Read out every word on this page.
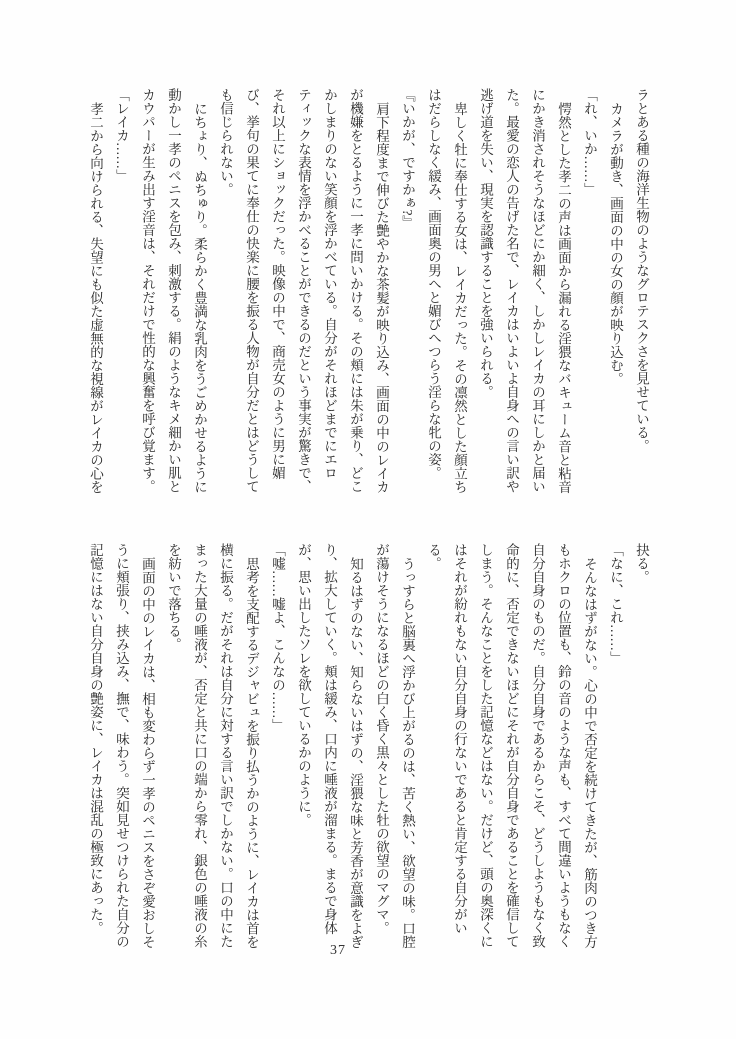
ラとある種の海洋生物のようなグロテスクさを見せている。

カメラが動き、画面の中の女の顔が映り込む。

「れ、いか……」

愕然とした孝二の声は画面から漏れる淫猥なバキューム音と粘音にかき消されそうなほどにか細く、しかしレイカの耳にしかと届いた。最愛の恋人の告げた名で、レイカはいよいよ自身への言い訳や逃げ道を失い、現実を認識することを強いられる。

卑しく牡に奉仕する女は、レイカだった。その凛然とした顔立ちはだらしなく緩み、画面奥の男へと媚びへつらう淫らな牝の姿。

『いかが、ですかぁ?』

肩下程度まで伸びた艶やかな茶髪が映り込み、画面の中のレイカが機嫌をとるように一孝に問いかける。その頬には朱が乗り、どこかしまりのない笑顔を浮かべている。自分がそれほどまでにエロティックな表情を浮かべることができるのだという事実が驚きで、それ以上にショックだった。映像の中で、商売女のように男に媚び、挙句の果てに奉仕の快楽に腰を振る人物が自分だとはどうしても信じられない。

にちょり、ぬちゅり。柔らかく豊満な乳肉をうごめかせるように動かし一孝のペニスを包み、刺激する。絹のようなキメ細かい肌とカウパーが生み出す淫音は、それだけで性的な興奮を呼び覚ます。

「レイカ……」

孝二から向けられる、失望にも似た虚無的な視線がレイカの心を

抉る。

「なに、これ……」

そんなはずがない。心の中で否定を続けてきたが、筋肉のつき方もホクロの位置も、鈴の音のような声も、すべて間違いようもなく自分自身のものだ。自分自身であるからこそ、どうしようもなく致命的に、否定できないほどにそれが自分自身であることを確信してしまう。そんなことをした記憶などはない。だけど、頭の奥深くにはそれが紛れもない自分自身の行ないであると肯定する自分がいる。

うっすらと脳裏へ浮かび上がるのは、苦く熱い、欲望の味。口腔が蕩けそうになるほどの白く昏く黒々とした牡の欲望のマグマ。

知るはずのない、知らないはずの、淫猥な味と芳香が意識をよぎり、拡大していく。頬は緩み、口内に唾液が溜まる。まるで身体が、思い出したソレを欲しているかのように。

「嘘……嘘よ、こんなの……」

思考を支配するデジャビュを振り払うかのように、レイカは首を横に振る。だがそれは自分に対する言い訳でしかない。口の中にたまった大量の唾液が、否定と共に口の端から零れ、銀色の唾液の糸を紡いで落ちる。

画面の中のレイカは、相も変わらず一孝のペニスをさぞ愛おしそうに頬張り、挟み込み、撫で、味わう。突如見せつけられた自分の記憶にはない自分自身の艶姿に、レイカは混乱の極致にあった。

37
